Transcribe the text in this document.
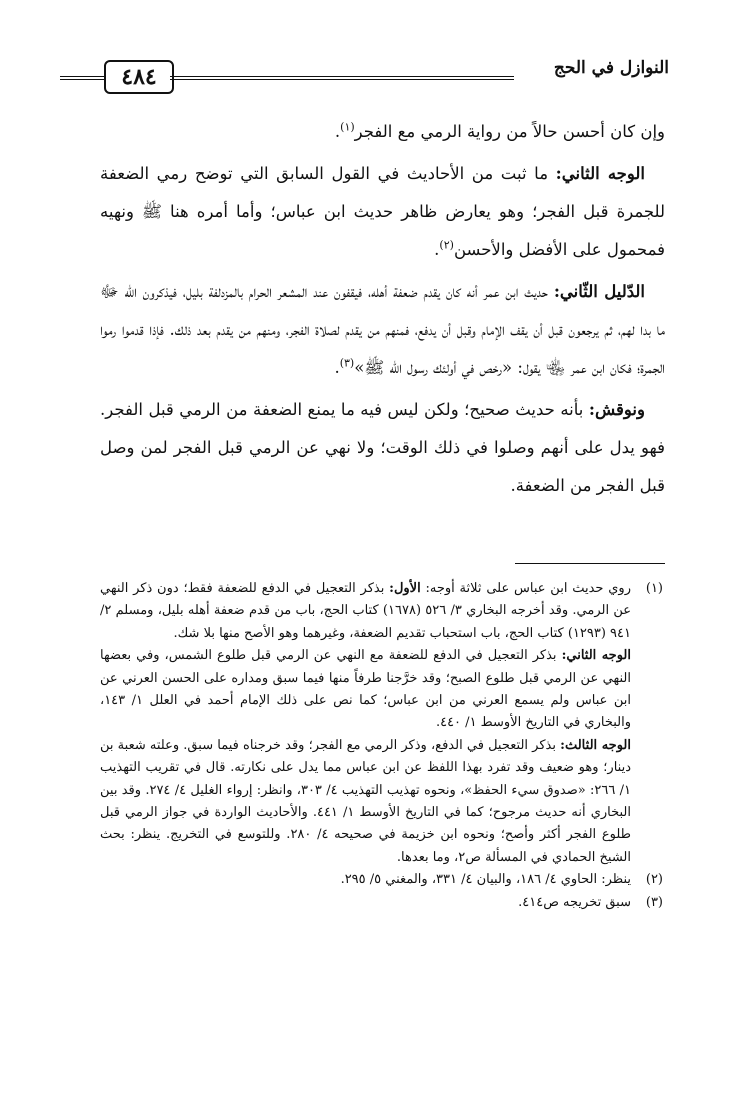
النوازل في الحج
٤٨٤

وإن كان أحسن حالاً من رواية الرمي مع الفجر$^{(١)}$.

الوجه الثاني: ما ثبت من الأحاديث في القول السابق التي توضح رمي الضعفة للجمرة قبل الفجر؛ وهو يعارض ظاهر حديث ابن عباس؛ وأما أمره هنا ﷺ ونهيه فمحمول على الأفضل والأحسن$^{(٢)}$.

الدّليل الثّاني: حديث ابن عمر أنه كان يقدم ضعفة أهله، فيقفون عند المشعر الحرام بالمزدلفة بليل، فيذكرون الله ﷻ ما بدا لهم، ثم يرجعون قبل أن يقف الإمام وقبل أن يدفع، فمنهم من يقدم لصلاة الفجر، ومنهم من يقدم بعد ذلك. فإذا قدموا رموا الجمرة؛ فكان ابن عمر ﵄ يقول: «رخص في أولئك رسول الله ﷺ»$^{(٣)}$.

ونوقش: بأنه حديث صحيح؛ ولكن ليس فيه ما يمنع الضعفة من الرمي قبل الفجر. فهو يدل على أنهم وصلوا في ذلك الوقت؛ ولا نهي عن الرمي قبل الفجر لمن وصل قبل الفجر من الضعفة.

(١)

روي حديث ابن عباس على ثلاثة أوجه: الأول: بذكر التعجيل في الدفع للضعفة فقط؛ دون ذكر النهي عن الرمي. وقد أخرجه البخاري ٣/ ٥٢٦ (١٦٧٨) كتاب الحج، باب من قدم ضعفة أهله بليل، ومسلم ٢/ ٩٤١ (١٢٩٣) كتاب الحج، باب استحباب تقديم الضعفة، وغيرهما وهو الأصح منها بلا شك.

الوجه الثاني: بذكر التعجيل في الدفع للضعفة مع النهي عن الرمي قبل طلوع الشمس، وفي بعضها النهي عن الرمي قبل طلوع الصبح؛ وقد خرَّجنا طرفاً منها فيما سبق ومداره على الحسن العرني عن ابن عباس ولم يسمع العرني من ابن عباس؛ كما نص على ذلك الإمام أحمد في العلل ١/ ١٤٣، والبخاري في التاريخ الأوسط ١/ ٤٤٠.

الوجه الثالث: بذكر التعجيل في الدفع، وذكر الرمي مع الفجر؛ وقد خرجناه فيما سبق. وعلته شعبة بن دينار؛ وهو ضعيف وقد تفرد بهذا اللفظ عن ابن عباس مما يدل على نكارته. قال في تقريب التهذيب ١/ ٢٦٦: «صدوق سيء الحفظ»، ونحوه تهذيب التهذيب ٤/ ٣٠٣، وانظر: إرواء الغليل ٤/ ٢٧٤. وقد بين البخاري أنه حديث مرجوح؛ كما في التاريخ الأوسط ١/ ٤٤١. والأحاديث الواردة في جواز الرمي قبل طلوع الفجر أكثر وأصح؛ ونحوه ابن خزيمة في صحيحه ٤/ ٢٨٠. وللتوسع في التخريج. ينظر: بحث الشيخ الحمادي في المسألة ص٢، وما بعدها.

(٢)

ينظر: الحاوي ٤/ ١٨٦، والبيان ٤/ ٣٣١، والمغني ٥/ ٢٩٥.

(٣)

سبق تخريجه ص٤١٤.
